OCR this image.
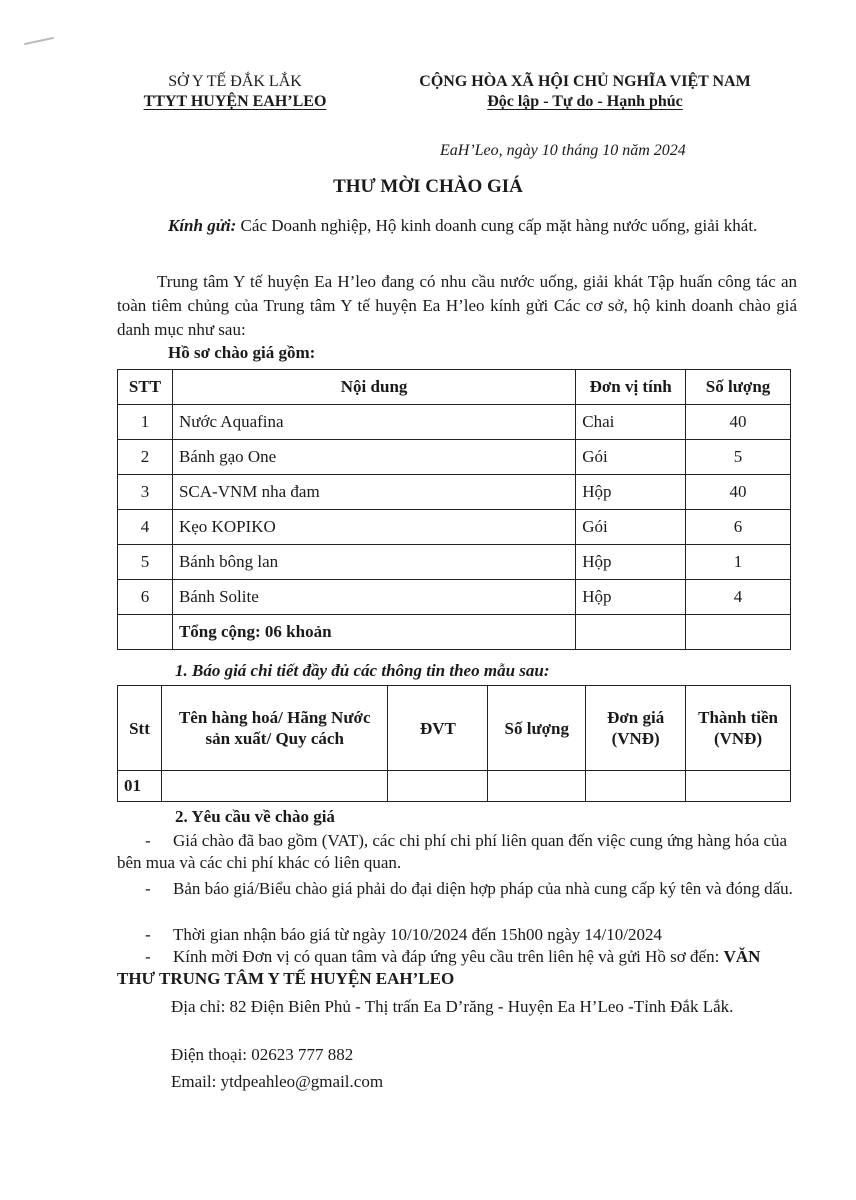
SỞ Y TẾ ĐẮK LẮK
TTYT HUYỆN EAH’LEO
CỘNG HÒA XÃ HỘI CHỦ NGHĨA VIỆT NAM
Độc lập - Tự do - Hạnh phúc
EaH’Leo, ngày 10 tháng 10 năm 2024
THƯ MỜI CHÀO GIÁ
Kính gửi: Các Doanh nghiệp, Hộ kinh doanh cung cấp mặt hàng nước uống, giải khát.
Trung tâm Y tế huyện Ea H’leo đang có nhu cầu nước uống, giải khát Tập huấn công tác an toàn tiêm chủng của Trung tâm Y tế huyện Ea H’leo kính gửi Các cơ sở, hộ kinh doanh chào giá danh mục như sau:
Hồ sơ chào giá gồm:
STT	Nội dung	Đơn vị tính	Số lượng
1	Nước Aquafina	Chai	40
2	Bánh gạo One	Gói	5
3	SCA-VNM nha đam	Hộp	40
4	Kẹo KOPIKO	Gói	6
5	Bánh bông lan	Hộp	1
6	Bánh Solite	Hộp	4
	Tổng cộng: 06 khoản		
1. Báo giá chi tiết đầy đủ các thông tin theo mẫu sau:
Stt	Tên hàng hoá/ Hãng Nước sản xuất/ Quy cách	ĐVT	Số lượng	Đơn giá (VNĐ)	Thành tiền (VNĐ)
01					
2. Yêu cầu về chào giá
- Giá chào đã bao gồm (VAT), các chi phí chi phí liên quan đến việc cung ứng hàng hóa của bên mua và các chi phí khác có liên quan.
- Bản báo giá/Biểu chào giá phải do đại diện hợp pháp của nhà cung cấp ký tên và đóng dấu.
- Thời gian nhận báo giá từ ngày 10/10/2024 đến 15h00 ngày 14/10/2024
- Kính mời Đơn vị có quan tâm và đáp ứng yêu cầu trên liên hệ và gửi Hồ sơ đến: VĂN THƯ TRUNG TÂM Y TẾ HUYỆN EAH’LEO
Địa chỉ: 82 Điện Biên Phủ - Thị trấn Ea D’răng - Huyện Ea H’Leo -Tỉnh Đắk Lắk.
Điện thoại: 02623 777 882
Email: ytdpeahleo@gmail.com
